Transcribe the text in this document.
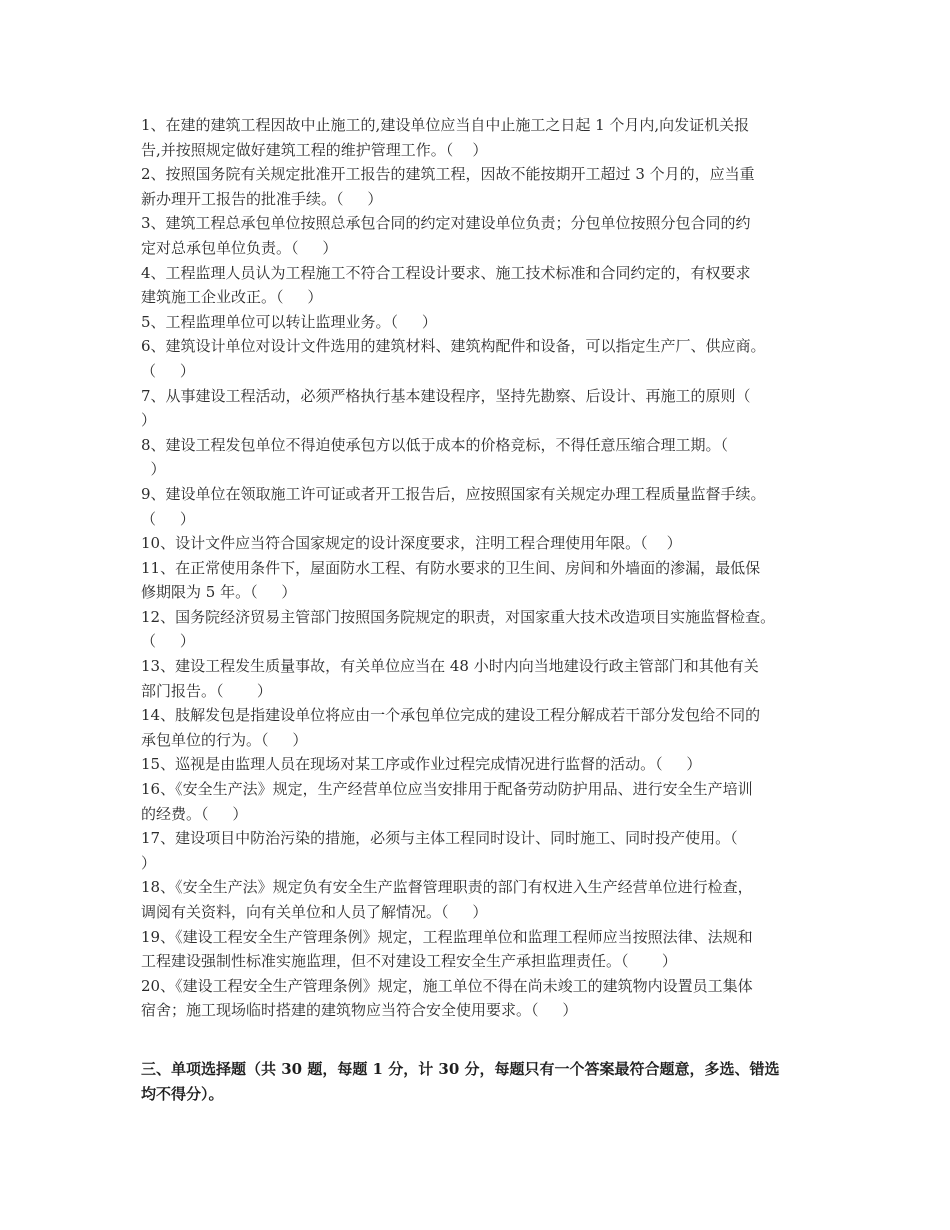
1、在建的建筑工程因故中止施工的,建设单位应当自中止施工之日起 1 个月内,向发证机关报
告,并按照规定做好建筑工程的维护管理工作。（    ）

2、按照国务院有关规定批准开工报告的建筑工程，因故不能按期开工超过 3 个月的，应当重
新办理开工报告的批准手续。（     ）

3、建筑工程总承包单位按照总承包合同的约定对建设单位负责；分包单位按照分包合同的约
定对总承包单位负责。（     ）

4、工程监理人员认为工程施工不符合工程设计要求、施工技术标准和合同约定的，有权要求
建筑施工企业改正。（     ）

5、工程监理单位可以转让监理业务。（     ）

6、建筑设计单位对设计文件选用的建筑材料、建筑构配件和设备，可以指定生产厂、供应商。
（     ）

7、从事建设工程活动，必须严格执行基本建设程序，坚持先勘察、后设计、再施工的原则（
）

8、建设工程发包单位不得迫使承包方以低于成本的价格竞标，不得任意压缩合理工期。（
）

9、建设单位在领取施工许可证或者开工报告后，应按照国家有关规定办理工程质量监督手续。
（     ）

10、设计文件应当符合国家规定的设计深度要求，注明工程合理使用年限。（    ）

11、在正常使用条件下，屋面防水工程、有防水要求的卫生间、房间和外墙面的渗漏，最低保
修期限为 5 年。（     ）

12、国务院经济贸易主管部门按照国务院规定的职责，对国家重大技术改造项目实施监督检查。
（     ）

13、建设工程发生质量事故，有关单位应当在 48 小时内向当地建设行政主管部门和其他有关
部门报告。（       ）

14、肢解发包是指建设单位将应由一个承包单位完成的建设工程分解成若干部分发包给不同的
承包单位的行为。（     ）

15、巡视是由监理人员在现场对某工序或作业过程完成情况进行监督的活动。（     ）

16、《安全生产法》规定，生产经营单位应当安排用于配备劳动防护用品、进行安全生产培训
的经费。（     ）

17、建设项目中防治污染的措施，必须与主体工程同时设计、同时施工、同时投产使用。（
）

18、《安全生产法》规定负有安全生产监督管理职责的部门有权进入生产经营单位进行检查，
调阅有关资料，向有关单位和人员了解情况。（     ）

19、《建设工程安全生产管理条例》规定，工程监理单位和监理工程师应当按照法律、法规和
工程建设强制性标准实施监理，但不对建设工程安全生产承担监理责任。（       ）

20、《建设工程安全生产管理条例》规定，施工单位不得在尚未竣工的建筑物内设置员工集体
宿舍；施工现场临时搭建的建筑物应当符合安全使用要求。（     ）

三、单项选择题（共 30 题，每题 1 分，计 30 分，每题只有一个答案最符合题意，多选、错选
均不得分）。
